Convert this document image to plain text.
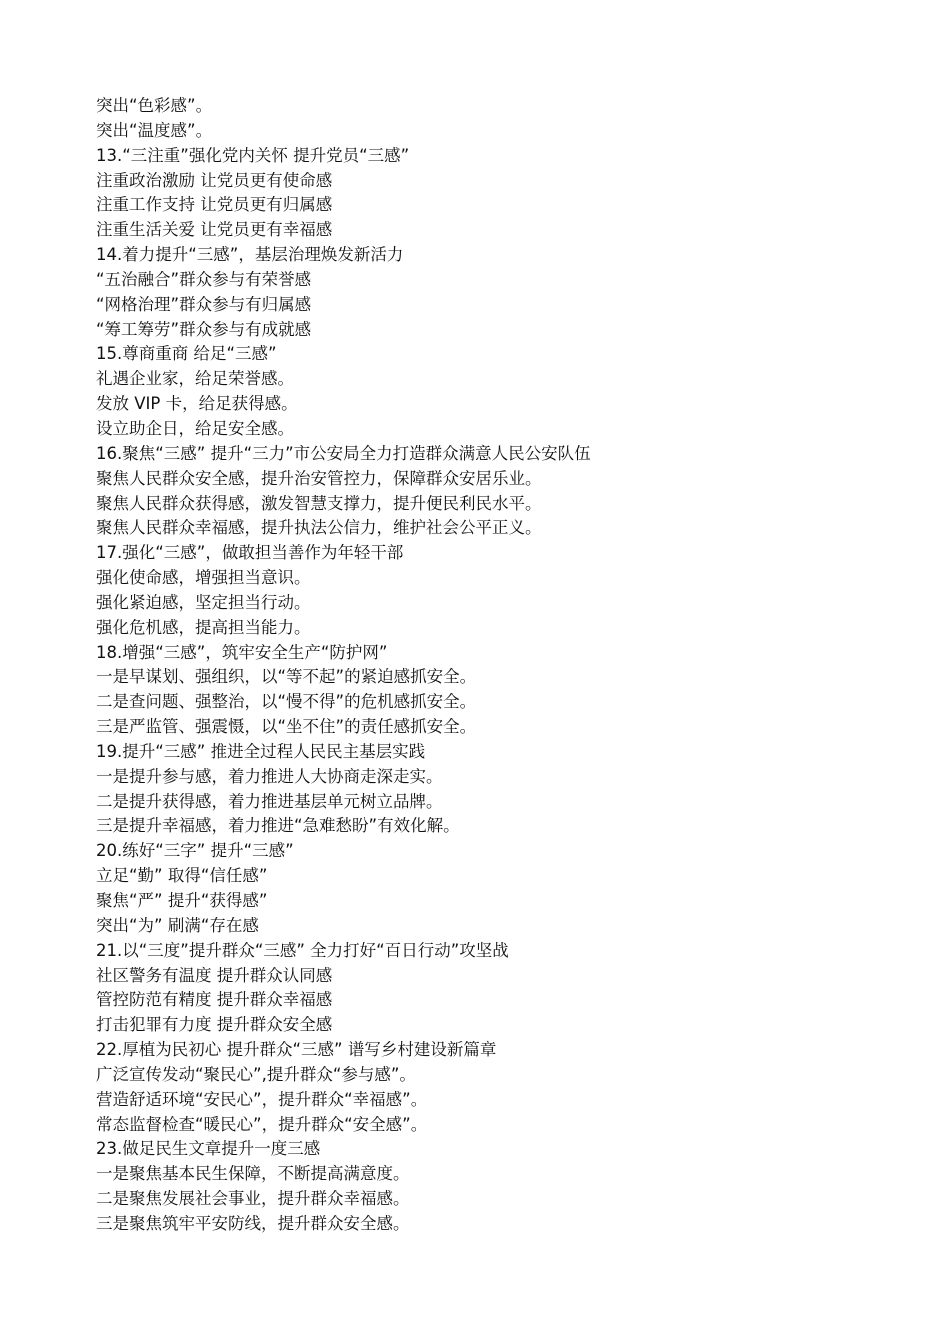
突出“色彩感”。
突出“温度感”。
13.“三注重”强化党内关怀 提升党员“三感”
注重政治激励 让党员更有使命感
注重工作支持 让党员更有归属感
注重生活关爱 让党员更有幸福感
14.着力提升“三感”，基层治理焕发新活力
“五治融合”群众参与有荣誉感
“网格治理”群众参与有归属感
“筹工筹劳”群众参与有成就感
15.尊商重商 给足“三感”
礼遇企业家，给足荣誉感。
发放 VIP 卡，给足获得感。
设立助企日，给足安全感。
16.聚焦“三感” 提升“三力”市公安局全力打造群众满意人民公安队伍
聚焦人民群众安全感，提升治安管控力，保障群众安居乐业。
聚焦人民群众获得感，激发智慧支撑力，提升便民利民水平。
聚焦人民群众幸福感，提升执法公信力，维护社会公平正义。
17.强化“三感”，做敢担当善作为年轻干部
强化使命感，增强担当意识。
强化紧迫感，坚定担当行动。
强化危机感，提高担当能力。
18.增强“三感”，筑牢安全生产“防护网”
一是早谋划、强组织，以“等不起”的紧迫感抓安全。
二是查问题、强整治，以“慢不得”的危机感抓安全。
三是严监管、强震慑，以“坐不住”的责任感抓安全。
19.提升“三感” 推进全过程人民民主基层实践
一是提升参与感，着力推进人大协商走深走实。
二是提升获得感，着力推进基层单元树立品牌。
三是提升幸福感，着力推进“急难愁盼”有效化解。
20.练好“三字” 提升“三感”
立足“勤” 取得“信任感”
聚焦“严” 提升“获得感”
突出“为” 刷满“存在感
21.以“三度”提升群众“三感” 全力打好“百日行动”攻坚战
社区警务有温度 提升群众认同感
管控防范有精度 提升群众幸福感
打击犯罪有力度 提升群众安全感
22.厚植为民初心 提升群众“三感” 谱写乡村建设新篇章
广泛宣传发动“聚民心”,提升群众“参与感”。
营造舒适环境“安民心”，提升群众“幸福感”。
常态监督检查“暖民心”，提升群众“安全感”。
23.做足民生文章提升一度三感
一是聚焦基本民生保障，不断提高满意度。
二是聚焦发展社会事业，提升群众幸福感。
三是聚焦筑牢平安防线，提升群众安全感。
